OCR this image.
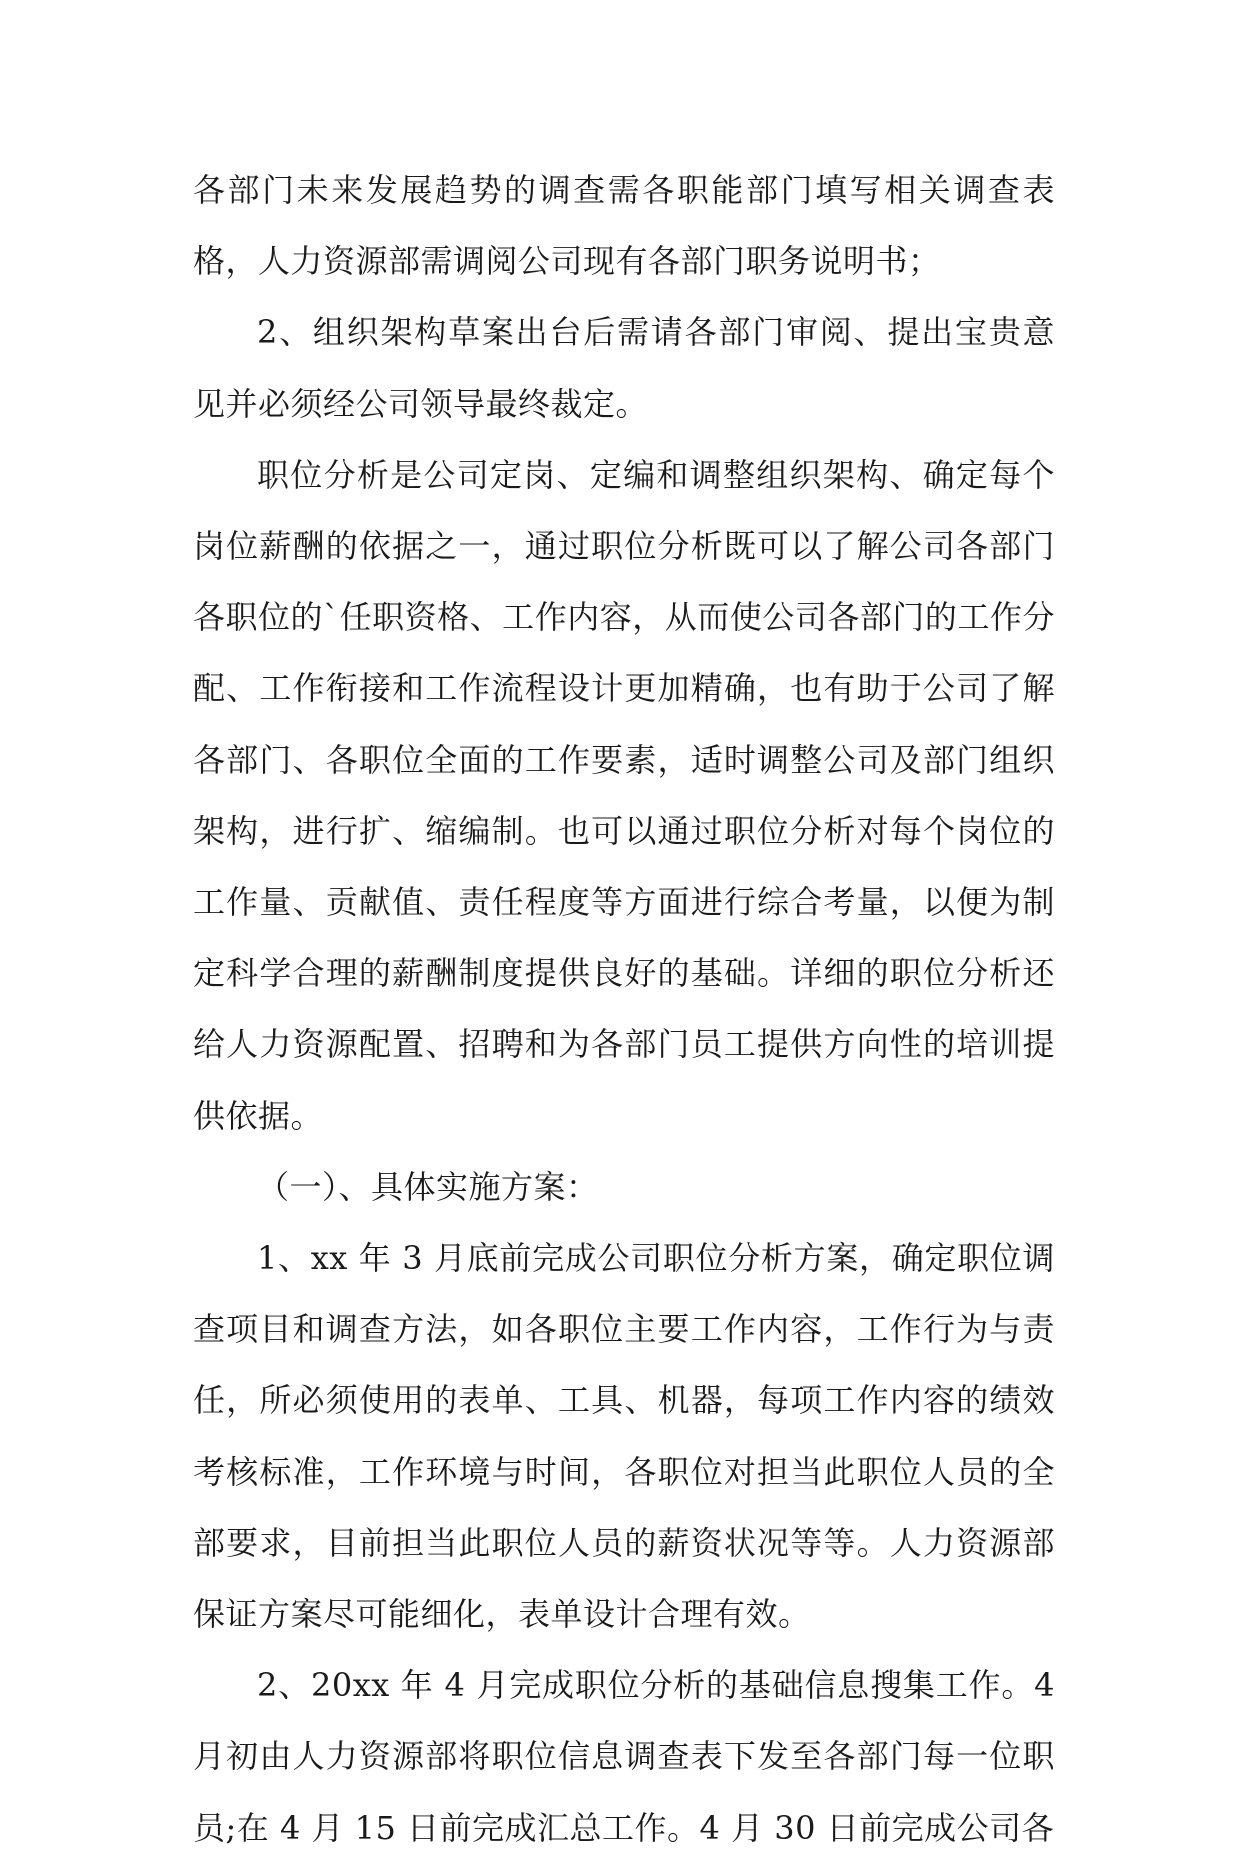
各部门未来发展趋势的调查需各职能部门填写相关调查表格，人力资源部需调阅公司现有各部门职务说明书；

2、组织架构草案出台后需请各部门审阅、提出宝贵意见并必须经公司领导最终裁定。

职位分析是公司定岗、定编和调整组织架构、确定每个岗位薪酬的依据之一，通过职位分析既可以了解公司各部门各职位的`任职资格、工作内容，从而使公司各部门的工作分配、工作衔接和工作流程设计更加精确，也有助于公司了解各部门、各职位全面的工作要素，适时调整公司及部门组织架构，进行扩、缩编制。也可以通过职位分析对每个岗位的工作量、贡献值、责任程度等方面进行综合考量，以便为制定科学合理的薪酬制度提供良好的基础。详细的职位分析还给人力资源配置、招聘和为各部门员工提供方向性的培训提供依据。

（一）、具体实施方案：

1、xx 年 3 月底前完成公司职位分析方案，确定职位调查项目和调查方法，如各职位主要工作内容，工作行为与责任，所必须使用的表单、工具、机器，每项工作内容的绩效考核标准，工作环境与时间，各职位对担当此职位人员的全部要求，目前担当此职位人员的薪资状况等等。人力资源部保证方案尽可能细化，表单设计合理有效。

2、20xx 年 4 月完成职位分析的基础信息搜集工作。4 月初由人力资源部将职位信息调查表下发至各部门每一位职员;在 4 月 15 日前完成汇总工作。4 月 30 日前完成公司各
